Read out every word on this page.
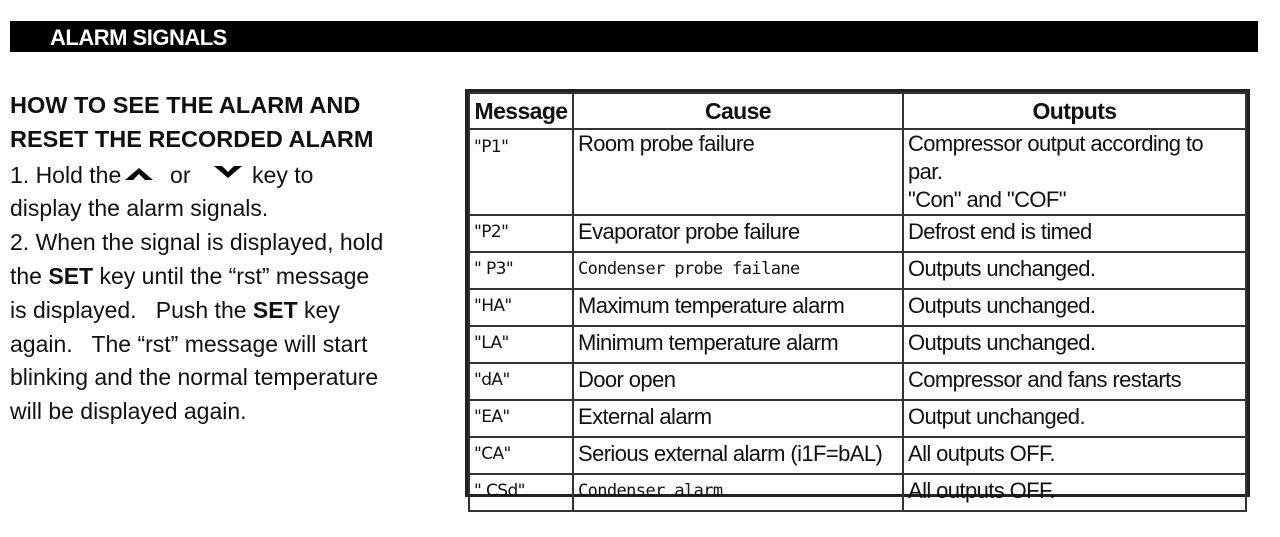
ALARM SIGNALS
HOW TO SEE THE ALARM AND
RESET THE RECORDED ALARM
1. Hold the or	key to
display the alarm signals.
2. When the signal is displayed, hold
the SET key until the “rst” message
is displayed.   Push the SET key
again.   The “rst” message will start
blinking and the normal temperature
will be displayed again.
Message	Cause	Outputs
"P1"	Room probe failure	Compressor output according to par.
"Con" and "COF"
"P2"	Evaporator probe failure	Defrost end is timed
" P3"	Condenser probe failane	Outputs unchanged.
"HA"	Maximum temperature alarm	Outputs unchanged.
"LA"	Minimum temperature alarm	Outputs unchanged.
"dA"	Door open	Compressor and fans restarts
"EA"	External alarm	Output unchanged.
"CA"	Serious external alarm (i1F=bAL)	All outputs OFF.
" CSd"	Condenser alarm	All outputs OFF.
